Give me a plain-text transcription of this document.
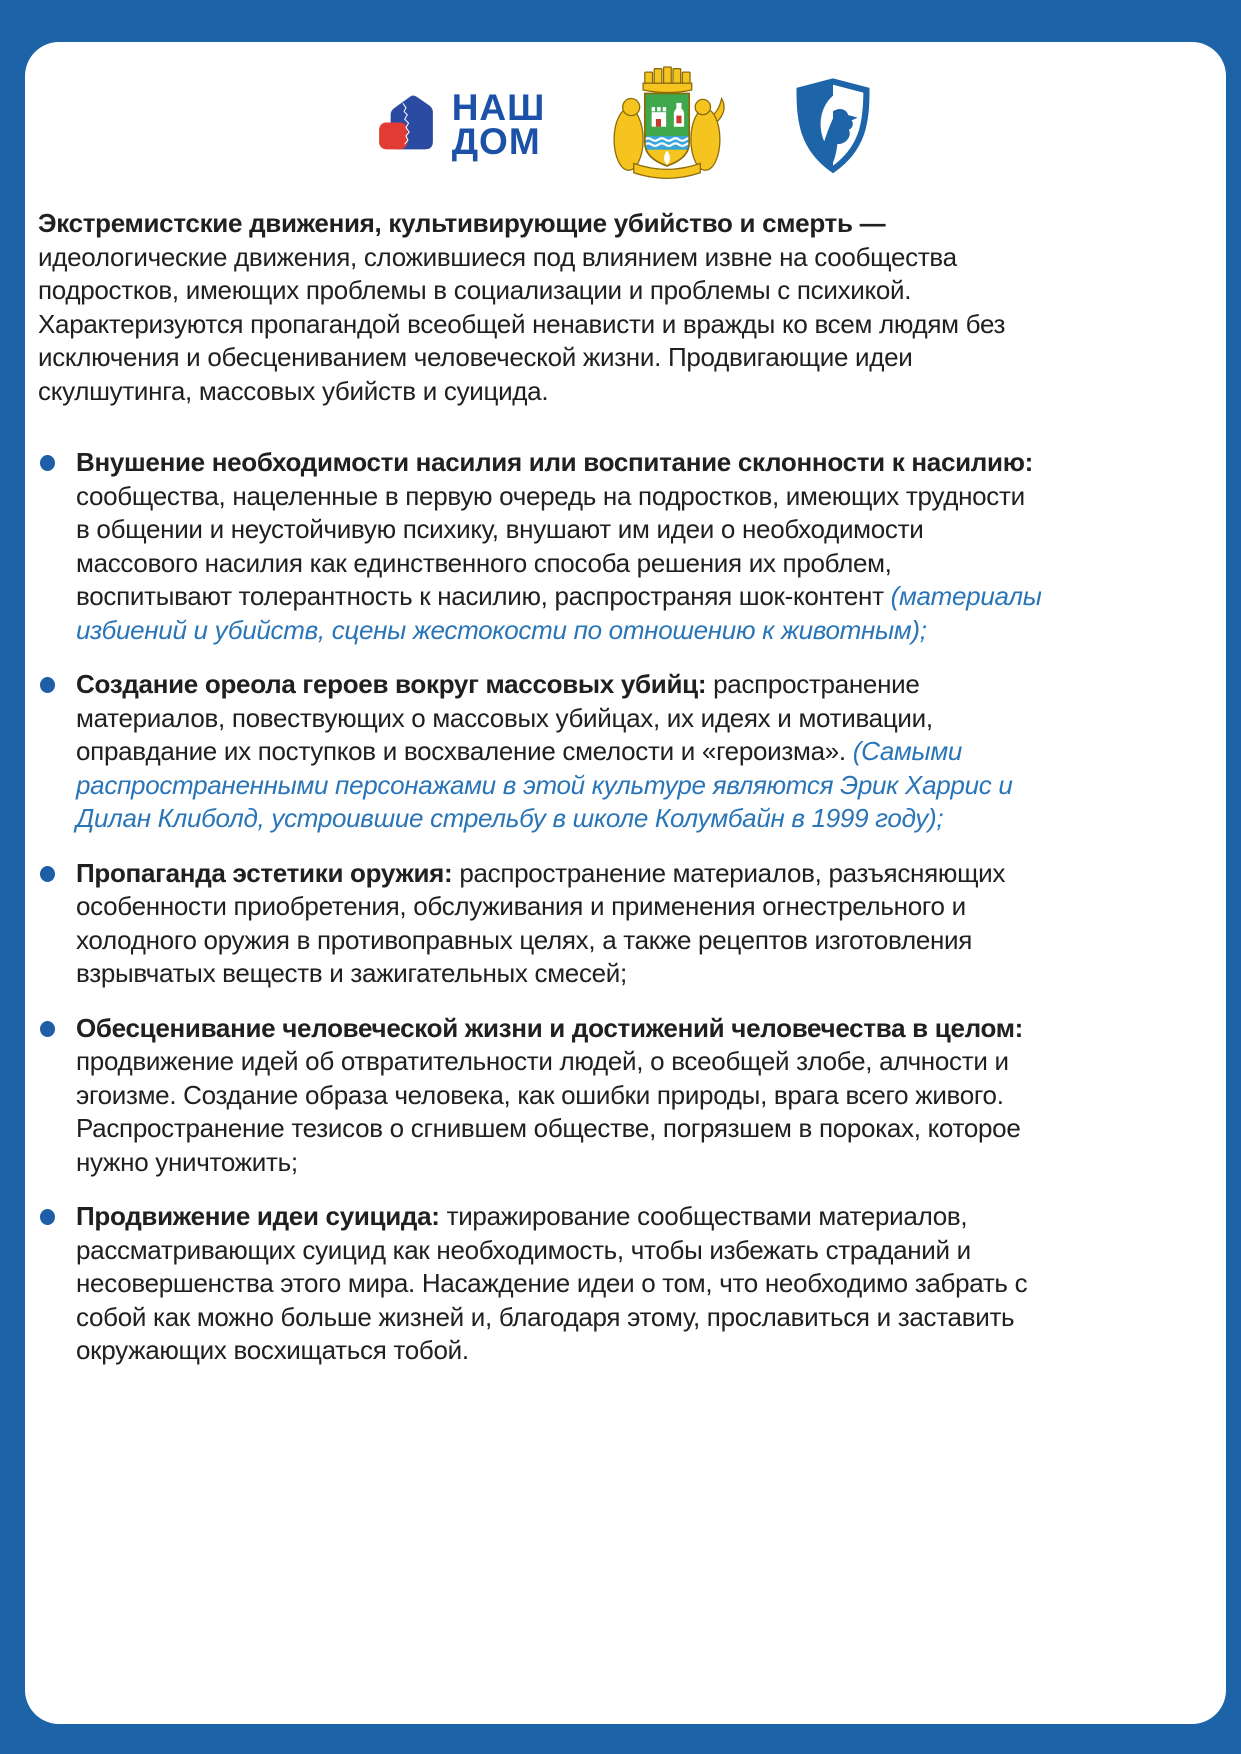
НАШ
ДОМ

Экстремистские движения, культивирующие убийство и смерть — идеологические движения, сложившиеся под влиянием извне на сообщества подростков, имеющих проблемы в социализации и проблемы с психикой. Характеризуются пропагандой всеобщей ненависти и вражды ко всем людям без исключения и обесцениванием человеческой жизни. Продвигающие идеи скулшутинга, массовых убийств и суицида.

Внушение необходимости насилия или воспитание склонности к насилию: сообщества, нацеленные в первую очередь на подростков, имеющих трудности в общении и неустойчивую психику, внушают им идеи о необходимости массового насилия как единственного способа решения их проблем, воспитывают толерантность к насилию, распространяя шок-контент (материалы избиений и убийств, сцены жестокости по отношению к животным);

Создание ореола героев вокруг массовых убийц: распространение материалов, повествующих о массовых убийцах, их идеях и мотивации, оправдание их поступков и восхваление смелости и «героизма». (Самыми распространенными персонажами в этой культуре являются Эрик Харрис и Дилан Клиболд, устроившие стрельбу в школе Колумбайн в 1999 году);

Пропаганда эстетики оружия: распространение материалов, разъясняющих особенности приобретения, обслуживания и применения огнестрельного и холодного оружия в противоправных целях, а также рецептов изготовления взрывчатых веществ и зажигательных смесей;

Обесценивание человеческой жизни и достижений человечества в целом: продвижение идей об отвратительности людей, о всеобщей злобе, алчности и эгоизме. Создание образа человека, как ошибки природы, врага всего живого. Распространение тезисов о сгнившем обществе, погрязшем в пороках, которое нужно уничтожить;

Продвижение идеи суицида: тиражирование сообществами материалов, рассматривающих суицид как необходимость, чтобы избежать страданий и несовершенства этого мира. Насаждение идеи о том, что необходимо забрать с собой как можно больше жизней и, благодаря этому, прославиться и заставить окружающих восхищаться тобой.
